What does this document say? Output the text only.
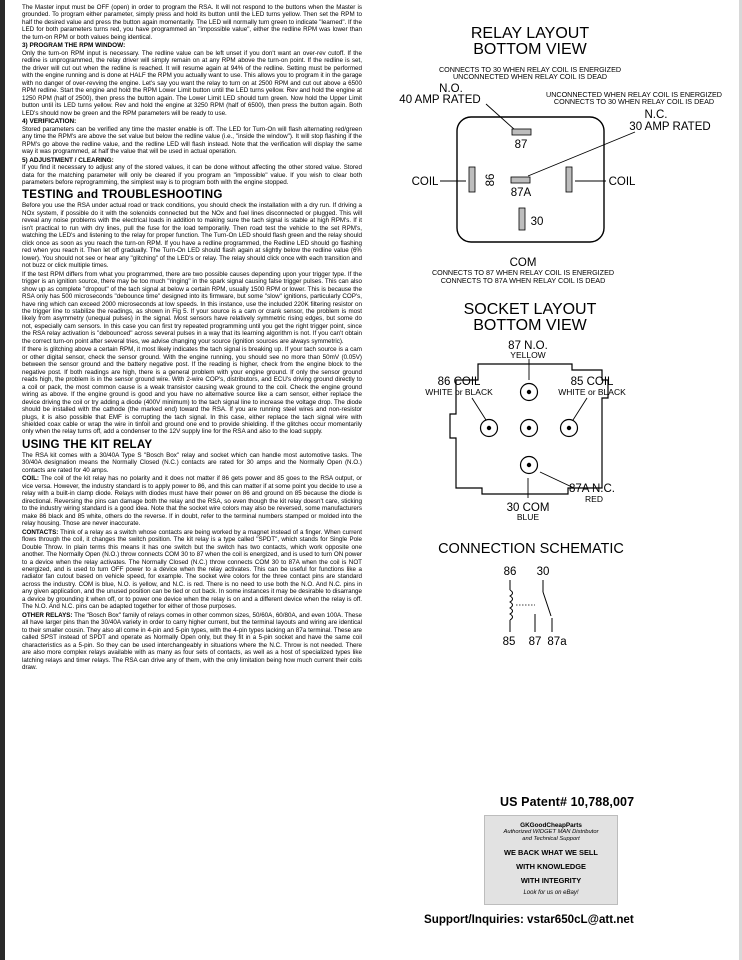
The Master input must be OFF (open) in order to program the RSA. It will not respond to the buttons when the Master is grounded. To program either parameter, simply press and hold its button until the LED turns yellow. Then set the RPM to half the desired value and press the button again momentarily. The LED will normally turn green to indicate "learned". If the LED for both parameters turns red, you have programmed an "impossible value", either the redline RPM was lower than the turn-on RPM or both values being identical.

3) PROGRAM THE RPM WINDOW:

Only the turn-on RPM input is necessary. The redline value can be left unset if you don't want an over-rev cutoff. If the redline is unprogrammed, the relay driver will simply remain on at any RPM above the turn-on point. If the redline is set, the driver will cut out when the redline is reached. It will resume again at 94% of the redline. Setting must be performed with the engine running and is done at HALF the RPM you actually want to use. This allows you to program it in the garage with no danger of over-revving the engine. Let's say you want the relay to turn on at 2500 RPM and cut out above a 6500 RPM redline. Start the engine and hold the RPM Lower Limit button until the LED turns yellow. Rev and hold the engine at 1250 RPM (half of 2500), then press the button again. The Lower Limit LED should turn green. Now hold the Upper Limit button until its LED turns yellow. Rev and hold the engine at 3250 RPM (half of 6500), then press the button again. Both LED's should now be green and the RPM parameters will be ready to use.

4) VERIFICATION:

Stored parameters can be verified any time the master enable is off. The LED for Turn-On will flash alternating red/green any time the RPM's are above the set value but below the redline value (i.e., "inside the window"). It will stop flashing if the RPM's go above the redline value, and the redline LED will flash instead. Note that the verification will display the same way it was programmed, at half the value that will be used in actual operation.

5) ADJUSTMENT / CLEARING:

If you find it necessary to adjust any of the stored values, it can be done without affecting the other stored value. Stored data for the matching parameter will only be cleared if you program an "impossible" value. If you wish to clear both parameters before reprogramming, the simplest way is to program both with the engine stopped.

TESTING and TROUBLESHOOTING

Before you use the RSA under actual road or track conditions, you should check the installation with a dry run. If driving a NOx system, if possible do it with the solenoids connected but the NOx and fuel lines disconnected or plugged. This will reveal any noise problems with the electrical loads in addition to making sure the tach signal is stable at high RPM's. If it isn't practical to run with dry lines, pull the fuse for the load temporarily. Then road test the vehicle to the set RPM's, watching the LED's and listening to the relay for proper function. The Turn-On LED should flash green and the relay should click once as soon as you reach the turn-on RPM. If you have a redline programmed, the Redline LED should go flashing red when you reach it. Then let off gradually. The Turn-On LED should flash again at slightly below the redline value (6% lower). You should not see or hear any "glitching" of the LED's or relay. The relay should click once with each transition and not buzz or click multiple times.

If the test RPM differs from what you programmed, there are two possible causes depending upon your trigger type. If the trigger is an ignition source, there may be too much "ringing" in the spark signal causing false trigger pulses. This can also show up as complete "dropout" of the tach signal at below a certain RPM, usually 1500 RPM or lower. This is because the RSA only has 500 microseconds "debounce time" designed into its firmware, but some "slow" ignitions, particularly COP's, have ring which can exceed 2000 microseconds at low speeds. In this instance, use the included 220K filtering resistor on the trigger line to stabilize the readings, as shown in Fig 5. If your source is a cam or crank sensor, the problem is most likely from asymmetry (unequal pulses) in the signal. Most sensors have relatively symmetric rising edges, but some do not, especially cam sensors. In this case you can first try repeated programming until you get the right trigger point, since the RSA relay activation is "debounced" across several pulses in a way that its learning algorithm is not. If you can't obtain the correct turn-on point after several tries, we advise changing your source (ignition sources are always symmetric).

If there is glitching above a certain RPM, it most likely indicates the tach signal is breaking up. If your tach source is a cam or other digital sensor, check the sensor ground. With the engine running, you should see no more than 50mV (0.05V) between the sensor ground and the battery negative post. If the reading is higher, check from the engine block to the negative post. If both readings are high, there is a general problem with your engine ground. If only the sensor ground reads high, the problem is in the sensor ground wire. With 2-wire COP's, distributors, and ECU's driving ground directly to a coil or pack, the most common cause is a weak transistor causing weak ground to the coil. Check the engine ground wiring as above. If the engine ground is good and you have no alternative source like a cam sensor, either replace the device driving the coil or try adding a diode (400V minimum) to the tach signal line to increase the voltage drop. The diode should be installed with the cathode (the marked end) toward the RSA. If you are running steel wires and non-resistor plugs, it is also possible that EMF is corrupting the tach signal. In this case, either replace the tach signal wire with shielded coax cable or wrap the wire in tinfoil and ground one end to provide shielding. If the glitches occur momentarily only when the relay turns off, add a condenser to the 12V supply line for the RSA and also to the load supply.

USING THE KIT RELAY

The RSA kit comes with a 30/40A Type S "Bosch Box" relay and socket which can handle most automotive tasks. The 30/40A designation means the Normally Closed (N.C.) contacts are rated for 30 amps and the Normally Open (N.O.) contacts are rated for 40 amps.

COIL: The coil of the kit relay has no polarity and it does not matter if 86 gets power and 85 goes to the RSA output, or vice versa. However, the industry standard is to apply power to 86, and this can matter if at some point you decide to use a relay with a built-in clamp diode. Relays with diodes must have their power on 86 and ground on 85 because the diode is directional. Reversing the pins can damage both the relay and the RSA, so even though the kit relay doesn't care, sticking to the industry wiring standard is a good idea. Note that the socket wire colors may also be reversed, some manufacturers make 86 black and 85 white, others do the reverse. If in doubt, refer to the terminal numbers stamped or molded into the relay housing. Those are never inaccurate.

CONTACTS: Think of a relay as a switch whose contacts are being worked by a magnet instead of a finger. When current flows through the coil, it changes the switch position. The kit relay is a type called "SPDT", which stands for Single Pole Double Throw. In plain terms this means it has one switch but the switch has two contacts, which work opposite one another. The Normally Open (N.O.) throw connects COM 30 to 87 when the coil is energized, and is used to turn ON power to a device when the relay activates. The Normally Closed (N.C.) throw connects COM 30 to 87A when the coil is NOT energized, and is used to turn OFF power to a device when the relay activates. This can be useful for functions like a radiator fan cutout based on vehicle speed, for example. The socket wire colors for the three contact pins are standard across the industry. COM is blue, N.O. is yellow, and N.C. is red. There is no need to use both the N.O. And N.C. pins in any given application, and the unused position can be tied or cut back. In some instances it may be desirable to disarrange a device by grounding it when off, or to power one device when the relay is on and a different device when the relay is off. The N.O. And N.C. pins can be adapted together for either of those purposes.

OTHER RELAYS: The "Bosch Box" family of relays comes in other common sizes, 50/60A, 60/80A, and even 100A. These all have larger pins than the 30/40A variety in order to carry higher current, but the terminal layouts and wiring are identical to their smaller cousin. They also all come in 4-pin and 5-pin types, with the 4-pin types lacking an 87a terminal. These are called SPST instead of SPDT and operate as Normally Open only, but they fit in a 5-pin socket and have the same coil characteristics as a 5-pin. So they can be used interchangeably in situations where the N.C. Throw is not needed. There are also more complex relays available with as many as four sets of contacts, as well as a host of specialized types like latching relays and timer relays. The RSA can drive any of them, with the only limitation being how much current their coils draw.

RELAY LAYOUT
BOTTOM VIEW
CONNECTS TO 30 WHEN RELAY COIL IS ENERGIZED
UNCONNECTED WHEN RELAY COIL IS DEAD
N.O.
40 AMP RATED	UNCONNECTED WHEN RELAY COIL IS ENERGIZED
CONNECTS TO 30 WHEN RELAY COIL IS DEAD
N.C.
30 AMP RATED
87
86
87A
30
COIL	COIL
COM
CONNECTS TO 87 WHEN RELAY COIL IS ENERGIZED
CONNECTS TO 87A WHEN RELAY COIL IS DEAD
SOCKET LAYOUT
BOTTOM VIEW
87 N.O.
YELLOW
86 COIL
WHITE or BLACK
85 COIL
WHITE or BLACK
87A N.C.
RED
30 COM
BLUE
CONNECTION SCHEMATIC
86 30
85 87 87a
US Patent# 10,788,007
GKGoodCheapParts
Authorized WIDGET MAN Distributor
and Technical Support
WE BACK WHAT WE SELL
WITH KNOWLEDGE
WITH INTEGRITY
Look for us on eBay!
Support/Inquiries: vstar650cL@att.net
